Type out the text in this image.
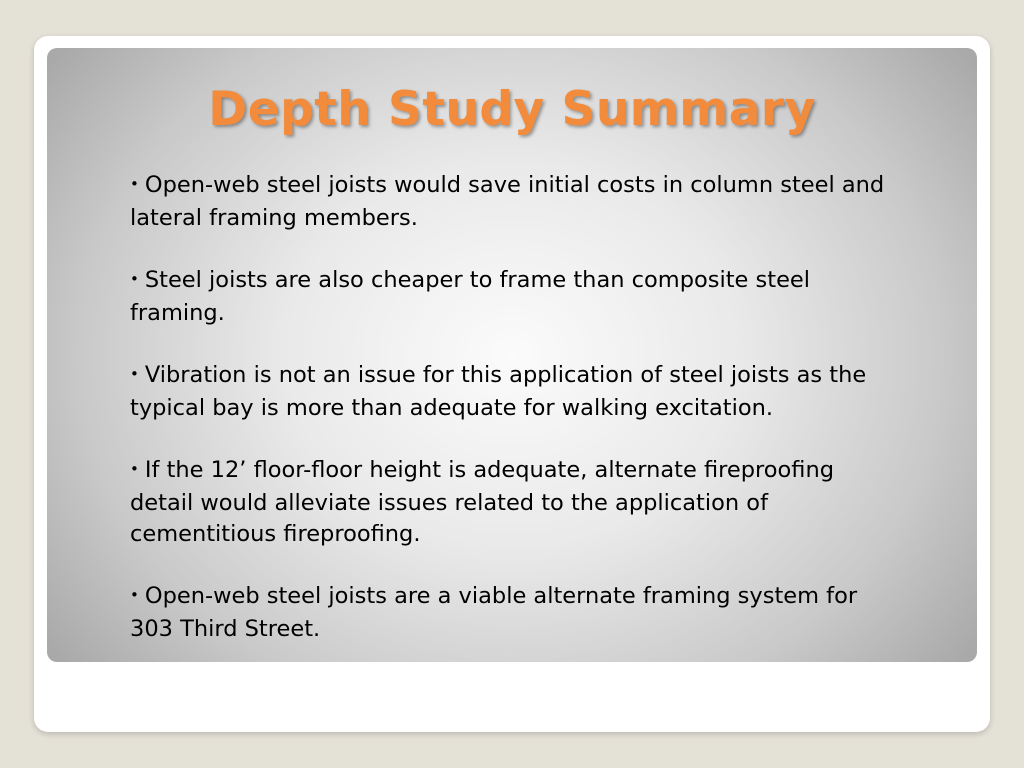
Depth Study Summary
• Open-web steel joists would save initial costs in column steel and lateral framing members.
• Steel joists are also cheaper to frame than composite steel framing.
• Vibration is not an issue for this application of steel joists as the typical bay is more than adequate for walking excitation.
• If the 12’ floor-floor height is adequate, alternate fireproofing detail would alleviate issues related to the application of cementitious fireproofing.
• Open-web steel joists are a viable alternate framing system for 303 Third Street.
